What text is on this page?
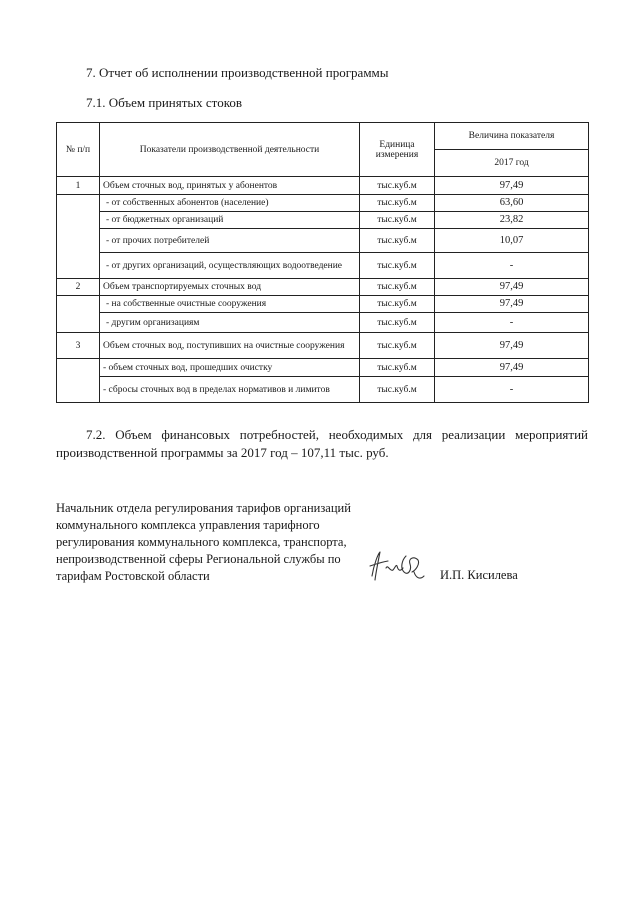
7. Отчет об исполнении производственной программы
7.1. Объем принятых стоков
№ п/п	Показатели производственной деятельности	Единица измерения	Величина показателя
			2017 год
1	Объем сточных вод, принятых у абонентов	тыс.куб.м	97,49
	- от собственных абонентов (население)	тыс.куб.м	63,60
	- от бюджетных организаций	тыс.куб.м	23,82
	- от прочих потребителей	тыс.куб.м	10,07
	- от других организаций, осуществляющих водоотведение	тыс.куб.м	-
2	Объем транспортируемых сточных вод	тыс.куб.м	97,49
	- на собственные очистные сооружения	тыс.куб.м	97,49
	- другим организациям	тыс.куб.м	-
3	Объем сточных вод, поступивших на очистные сооружения	тыс.куб.м	97,49
	- объем сточных вод, прошедших очистку	тыс.куб.м	97,49
	- сбросы сточных вод в пределах нормативов и лимитов	тыс.куб.м	-
7.2. Объем финансовых потребностей, необходимых для реализации мероприятий производственной программы за 2017 год – 107,11 тыс. руб.
Начальник отдела регулирования тарифов организаций коммунального комплекса управления тарифного регулирования коммунального комплекса, транспорта, непроизводственной сферы Региональной службы по тарифам Ростовской области	И.П. Кисилева
